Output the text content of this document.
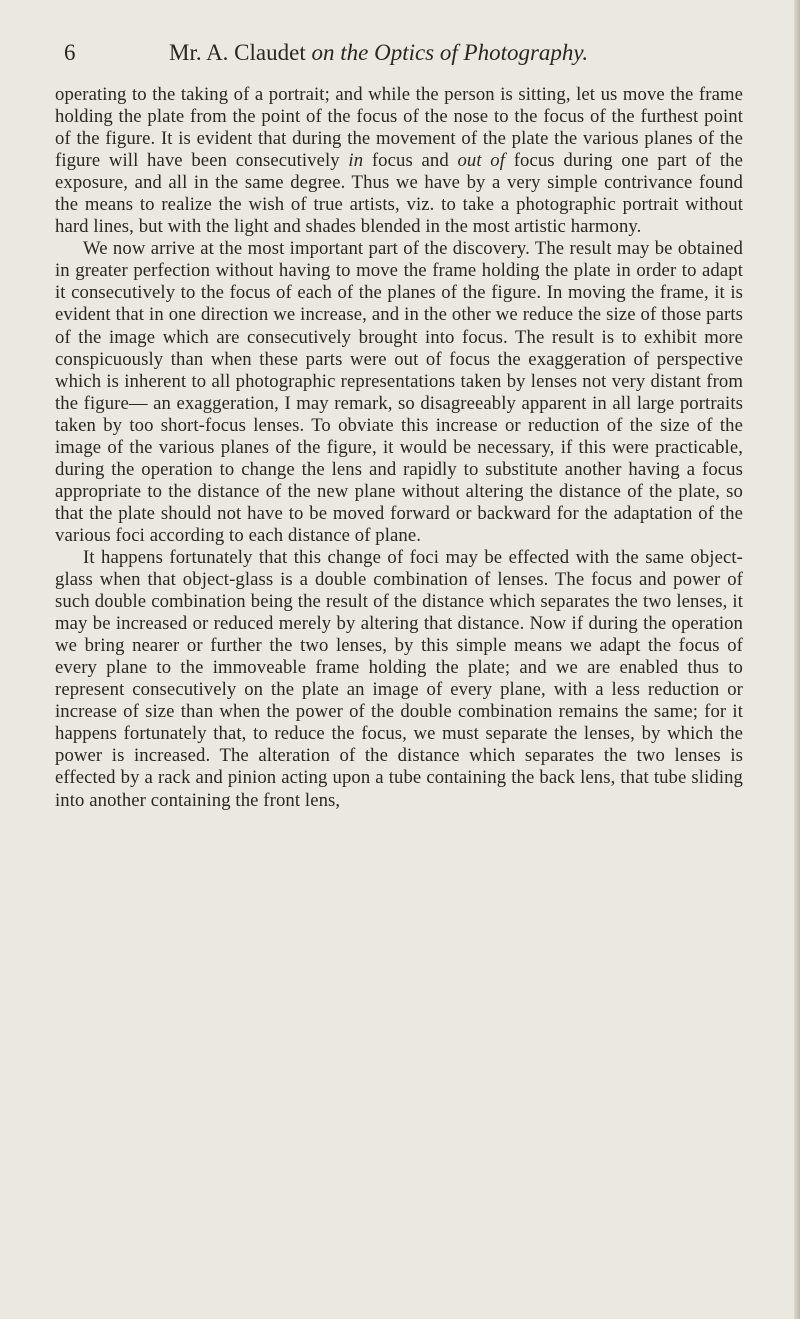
6	Mr. A. Claudet on the Optics of Photography.

operating to the taking of a portrait; and while the person is sitting, let us move the frame holding the plate from the point of the focus of the nose to the focus of the furthest point of the figure. It is evident that during the movement of the plate the various planes of the figure will have been consecutively in focus and out of focus during one part of the exposure, and all in the same degree. Thus we have by a very simple contrivance found the means to realize the wish of true artists, viz. to take a photographic portrait without hard lines, but with the light and shades blended in the most artistic harmony.

We now arrive at the most important part of the discovery. The result may be obtained in greater perfection without having to move the frame holding the plate in order to adapt it consecutively to the focus of each of the planes of the figure. In moving the frame, it is evident that in one direction we increase, and in the other we reduce the size of those parts of the image which are consecutively brought into focus. The result is to exhibit more conspicuously than when these parts were out of focus the exaggeration of perspective which is inherent to all photographic representations taken by lenses not very distant from the figure— an exaggeration, I may remark, so disagreeably apparent in all large portraits taken by too short-focus lenses. To obviate this increase or reduction of the size of the image of the various planes of the figure, it would be necessary, if this were practicable, during the operation to change the lens and rapidly to substitute another having a focus appropriate to the distance of the new plane without altering the distance of the plate, so that the plate should not have to be moved forward or backward for the adaptation of the various foci according to each distance of plane.

It happens fortunately that this change of foci may be effected with the same object-glass when that object-glass is a double combination of lenses. The focus and power of such double combination being the result of the distance which separates the two lenses, it may be increased or reduced merely by altering that distance. Now if during the operation we bring nearer or further the two lenses, by this simple means we adapt the focus of every plane to the immoveable frame holding the plate; and we are enabled thus to represent consecutively on the plate an image of every plane, with a less reduction or increase of size than when the power of the double combination remains the same; for it happens fortunately that, to reduce the focus, we must separate the lenses, by which the power is increased. The alteration of the distance which separates the two lenses is effected by a rack and pinion acting upon a tube containing the back lens, that tube sliding into another containing the front lens,
